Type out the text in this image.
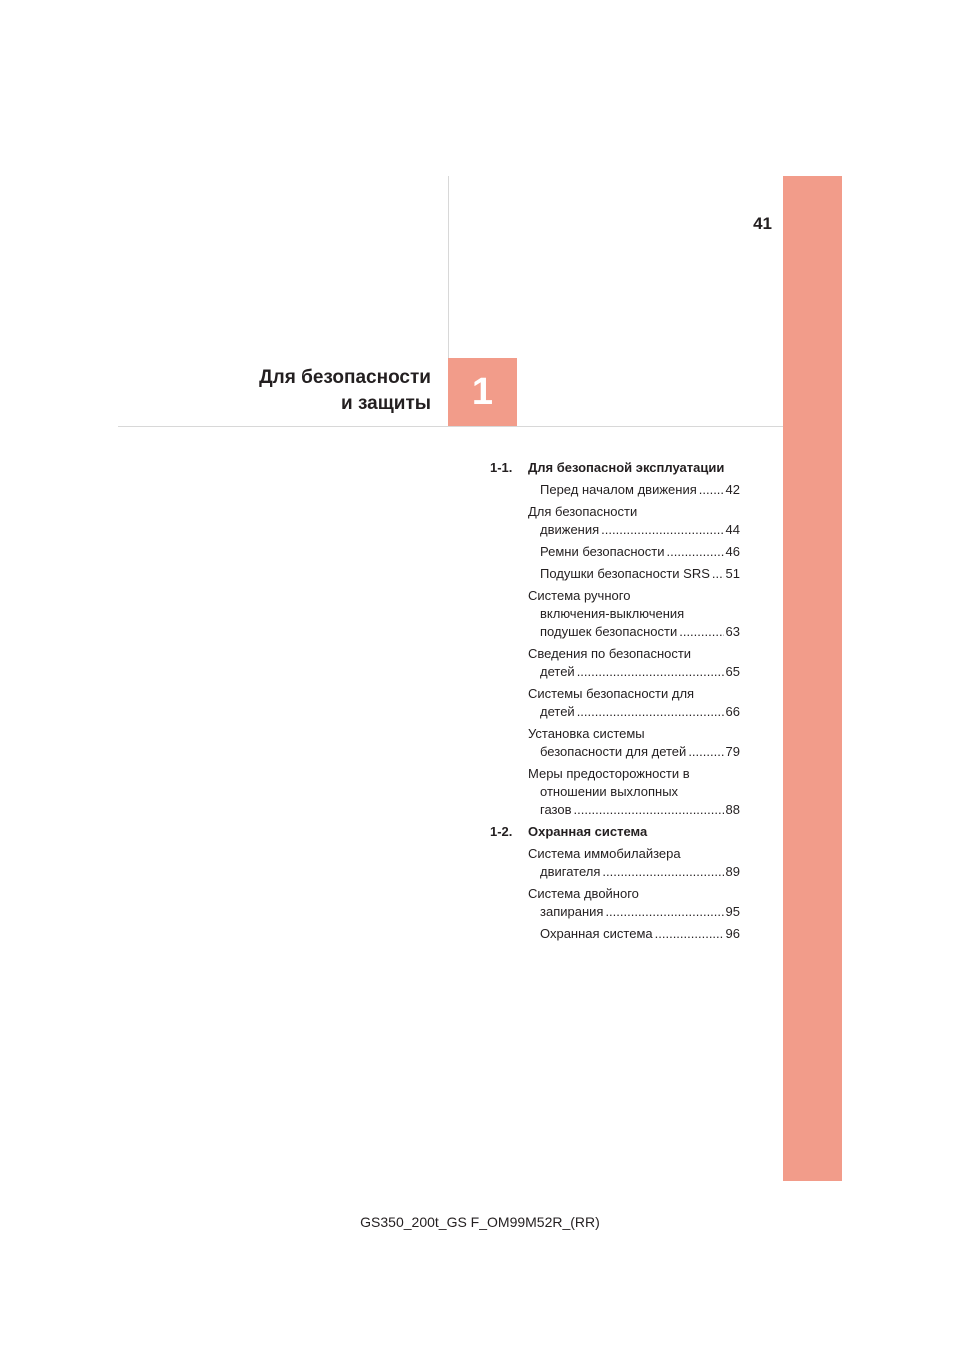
41
1
Для безопасности
и защиты
1-1.	Для безопасной эксплуатации
Перед началом движения ..... 42
Для безопасности
движения .....	44
Ремни безопасности .....	46
Подушки безопасности SRS ..... 51
Система ручного
включения-выключения
подушек безопасности .....	63
Сведения по безопасности
детей .....	65
Системы безопасности для
детей .....	66
Установка системы
безопасности для детей .....	79
Меры предосторожности в
отношении выхлопных
газов .....	88
1-2.	Охранная система
Система иммобилайзера
двигателя .....	89
Система двойного
запирания .....	95
Охранная система .....	96
GS350_200t_GS F_OM99M52R_(RR)
